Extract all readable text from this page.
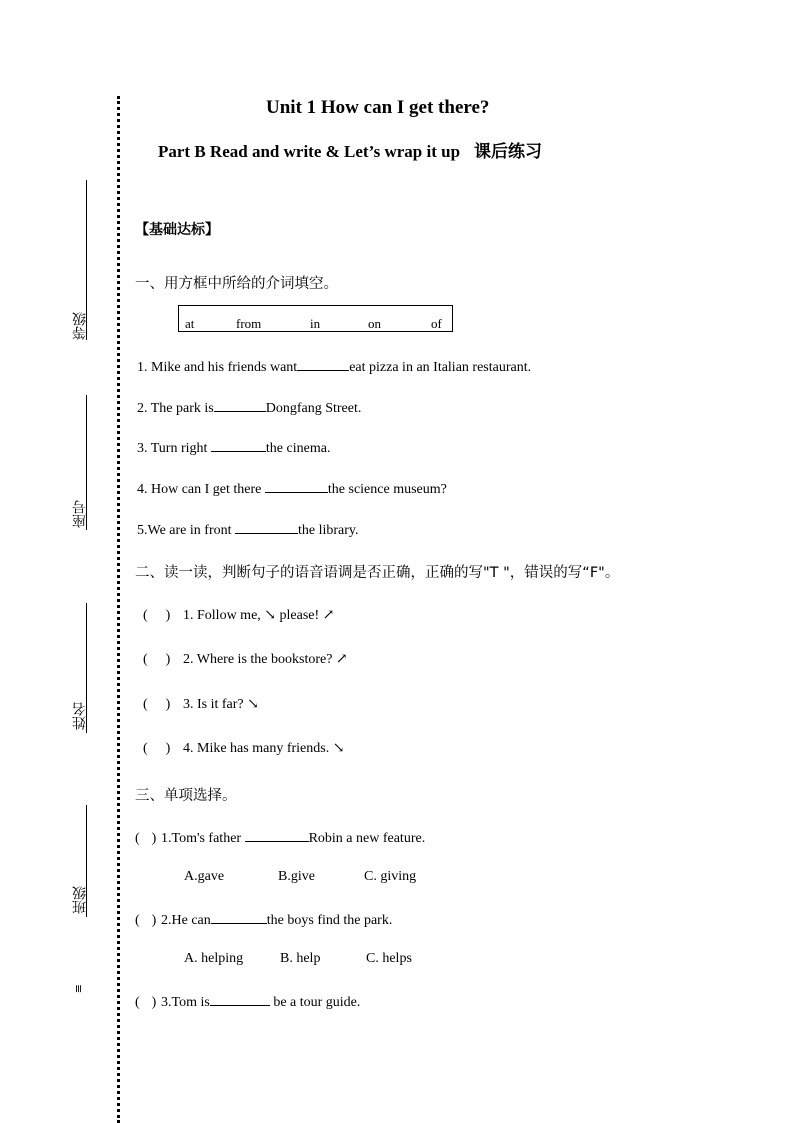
等级
座号
姓名
班级
≡
Unit 1 How can I get there?
Part B Read and write & Let’s wrap it up 课后练习
【基础达标】
一、用方框中所给的介词填空。
at	from	in	on	of
1. Mike and his friends want	eat pizza in an Italian restaurant.
2. The park is	Dongfang Street.
3. Turn right	the cinema.
4. How can I get there	the science museum?
5.We are in front	the library.
二、读一读，判断句子的语音语调是否正确，正确的写"T "，错误的写“F"。
( ) 1. Follow me, ↘ please! ↗
( ) 2. Where is the bookstore? ↗
( ) 3. Is it far? ↘
( ) 4. Mike has many friends. ↘
三、单项选择。
( ) 1.Tom's father	Robin a new feature.
A.gave	B.give	C. giving
( ) 2.He can	the boys find the park.
A. helping	B. help	C. helps
( ) 3.Tom is	be a tour guide.
